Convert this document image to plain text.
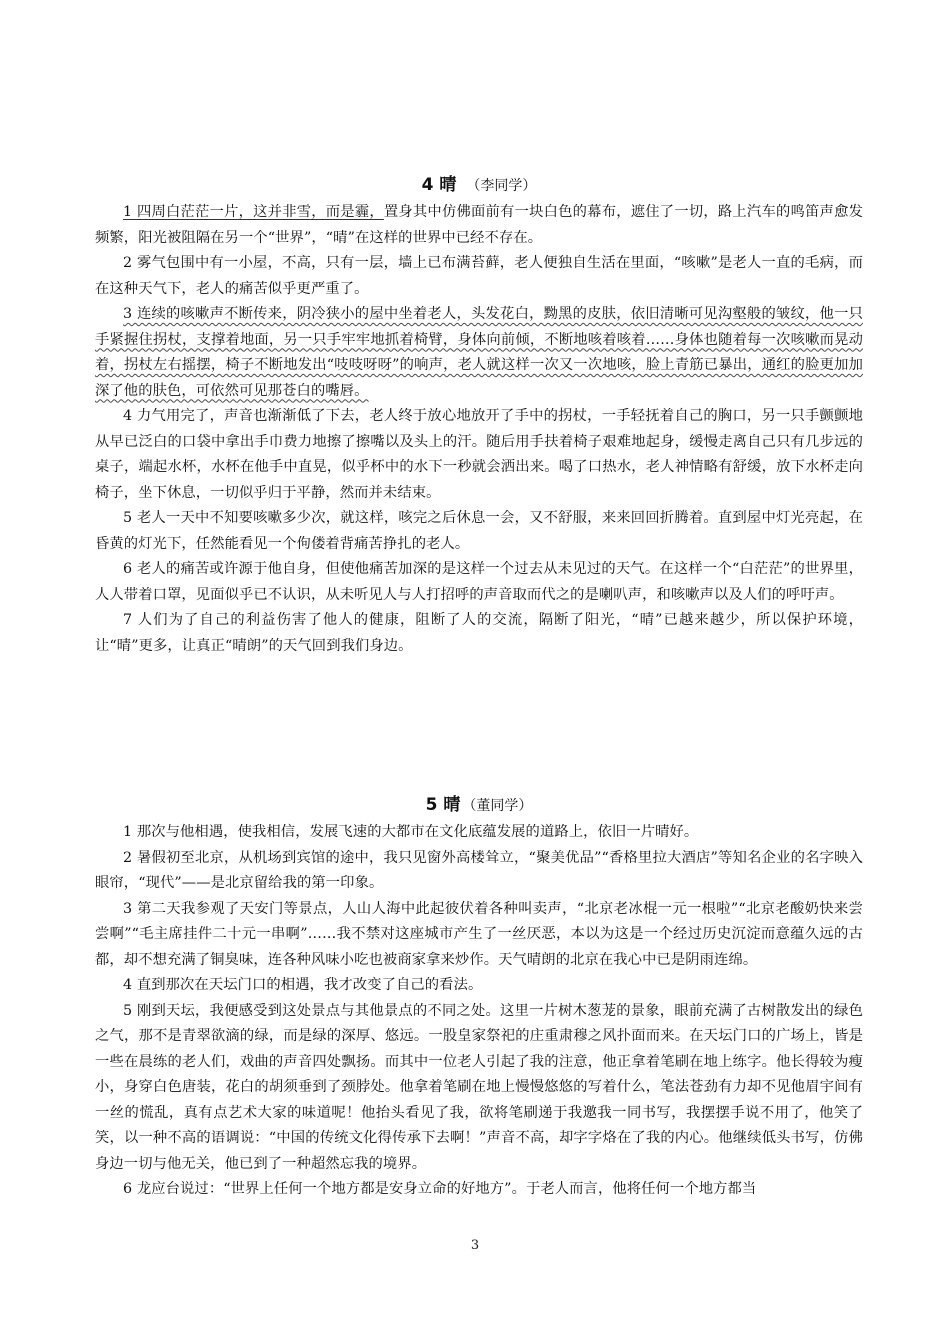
4 晴 （李同学）

1 四周白茫茫一片，这并非雪，而是霾，置身其中仿佛面前有一块白色的幕布，遮住了一切，路上汽车的鸣笛声愈发频繁，阳光被阻隔在另一个“世界”，“晴”在这样的世界中已经不存在。

2 雾气包围中有一小屋，不高，只有一层，墙上已布满苔藓，老人便独自生活在里面，“咳嗽”是老人一直的毛病，而在这种天气下，老人的痛苦似乎更严重了。

3 连续的咳嗽声不断传来，阴冷狭小的屋中坐着老人，头发花白，黝黑的皮肤，依旧清晰可见沟壑般的皱纹，他一只手紧握住拐杖，支撑着地面，另一只手牢牢地抓着椅臂，身体向前倾，不断地咳着咳着……身体也随着每一次咳嗽而晃动着，拐杖左右摇摆，椅子不断地发出“吱吱呀呀”的响声，老人就这样一次又一次地咳，脸上青筋已暴出，通红的脸更加加深了他的肤色，可依然可见那苍白的嘴唇。

4 力气用完了，声音也渐渐低了下去，老人终于放心地放开了手中的拐杖，一手轻抚着自己的胸口，另一只手颤颤地从早已泛白的口袋中拿出手巾费力地擦了擦嘴以及头上的汗。随后用手扶着椅子艰难地起身，缓慢走离自己只有几步远的桌子，端起水杯，水杯在他手中直晃，似乎杯中的水下一秒就会洒出来。喝了口热水，老人神情略有舒缓，放下水杯走向椅子，坐下休息，一切似乎归于平静，然而并未结束。

5 老人一天中不知要咳嗽多少次，就这样，咳完之后休息一会，又不舒服，来来回回折腾着。直到屋中灯光亮起，在昏黄的灯光下，任然能看见一个佝偻着背痛苦挣扎的老人。

6 老人的痛苦或许源于他自身，但使他痛苦加深的是这样一个过去从未见过的天气。在这样一个“白茫茫”的世界里，人人带着口罩，见面似乎已不认识，从未听见人与人打招呼的声音取而代之的是喇叭声，和咳嗽声以及人们的呼吁声。

7 人们为了自己的利益伤害了他人的健康，阻断了人的交流，隔断了阳光，“晴”已越来越少，所以保护环境，让“晴”更多，让真正“晴朗”的天气回到我们身边。

5 晴 （董同学）

1 那次与他相遇，使我相信，发展飞速的大都市在文化底蕴发展的道路上，依旧一片晴好。

2 暑假初至北京，从机场到宾馆的途中，我只见窗外高楼耸立，“聚美优品”“香格里拉大酒店”等知名企业的名字映入眼帘，“现代”——是北京留给我的第一印象。

3 第二天我参观了天安门等景点，人山人海中此起彼伏着各种叫卖声，“北京老冰棍一元一根啦”“北京老酸奶快来尝尝啊”“毛主席挂件二十元一串啊”……我不禁对这座城市产生了一丝厌恶，本以为这是一个经过历史沉淀而意蕴久远的古都，却不想充满了铜臭味，连各种风味小吃也被商家拿来炒作。天气晴朗的北京在我心中已是阴雨连绵。

4 直到那次在天坛门口的相遇，我才改变了自己的看法。

5 刚到天坛，我便感受到这处景点与其他景点的不同之处。这里一片树木葱茏的景象，眼前充满了古树散发出的绿色之气，那不是青翠欲滴的绿，而是绿的深厚、悠远。一股皇家祭祀的庄重肃穆之风扑面而来。在天坛门口的广场上，皆是一些在晨练的老人们，戏曲的声音四处飘扬。而其中一位老人引起了我的注意，他正拿着笔刷在地上练字。他长得较为瘦小，身穿白色唐装，花白的胡须垂到了颈脖处。他拿着笔刷在地上慢慢悠悠的写着什么，笔法苍劲有力却不见他眉宇间有一丝的慌乱，真有点艺术大家的味道呢！他抬头看见了我，欲将笔刷递于我邀我一同书写，我摆摆手说不用了，他笑了笑，以一种不高的语调说：“中国的传统文化得传承下去啊！”声音不高，却字字烙在了我的内心。他继续低头书写，仿佛身边一切与他无关，他已到了一种超然忘我的境界。

6 龙应台说过：“世界上任何一个地方都是安身立命的好地方”。于老人而言，他将任何一个地方都当

3
